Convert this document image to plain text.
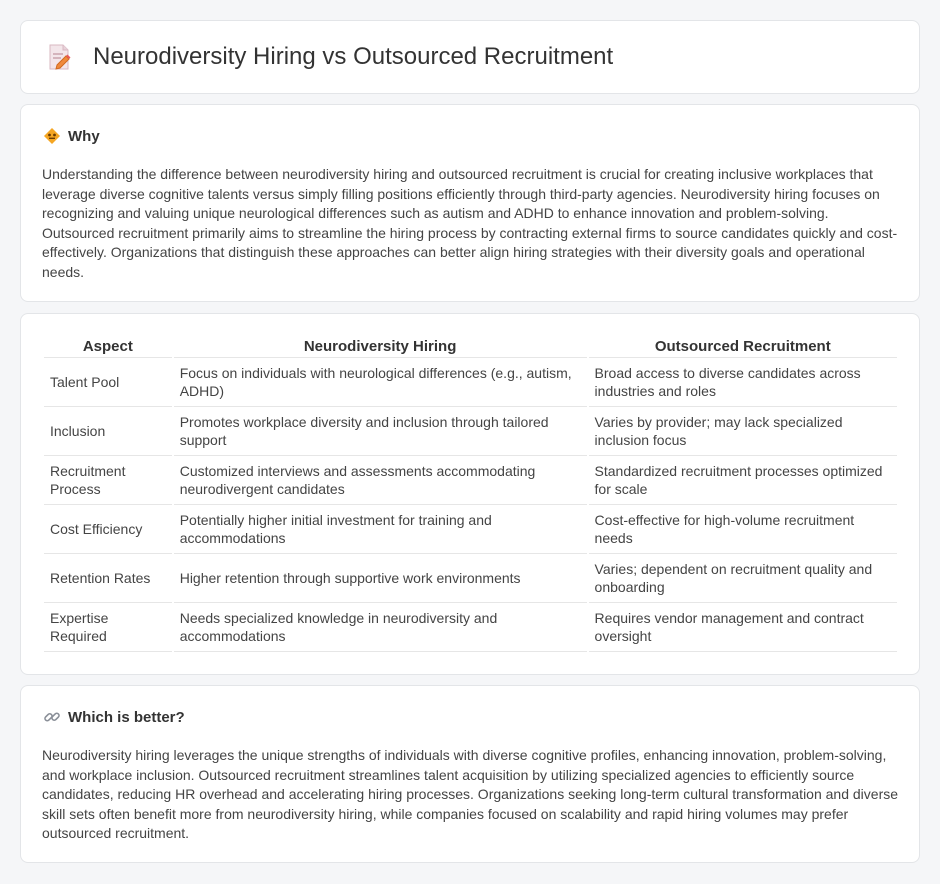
Neurodiversity Hiring vs Outsourced Recruitment
Why

Understanding the difference between neurodiversity hiring and outsourced recruitment is crucial for creating inclusive workplaces that leverage diverse cognitive talents versus simply filling positions efficiently through third-party agencies. Neurodiversity hiring focuses on recognizing and valuing unique neurological differences such as autism and ADHD to enhance innovation and problem-solving. Outsourced recruitment primarily aims to streamline the hiring process by contracting external firms to source candidates quickly and cost-effectively. Organizations that distinguish these approaches can better align hiring strategies with their diversity goals and operational needs.

Aspect	Neurodiversity Hiring	Outsourced Recruitment
Talent Pool	Focus on individuals with neurological differences (e.g., autism, ADHD)	Broad access to diverse candidates across industries and roles
Inclusion	Promotes workplace diversity and inclusion through tailored support	Varies by provider; may lack specialized inclusion focus
Recruitment Process	Customized interviews and assessments accommodating neurodivergent candidates	Standardized recruitment processes optimized for scale
Cost Efficiency	Potentially higher initial investment for training and accommodations	Cost-effective for high-volume recruitment needs
Retention Rates	Higher retention through supportive work environments	Varies; dependent on recruitment quality and onboarding
Expertise Required	Needs specialized knowledge in neurodiversity and accommodations	Requires vendor management and contract oversight
Which is better?

Neurodiversity hiring leverages the unique strengths of individuals with diverse cognitive profiles, enhancing innovation, problem-solving, and workplace inclusion. Outsourced recruitment streamlines talent acquisition by utilizing specialized agencies to efficiently source candidates, reducing HR overhead and accelerating hiring processes. Organizations seeking long-term cultural transformation and diverse skill sets often benefit more from neurodiversity hiring, while companies focused on scalability and rapid hiring volumes may prefer outsourced recruitment.
